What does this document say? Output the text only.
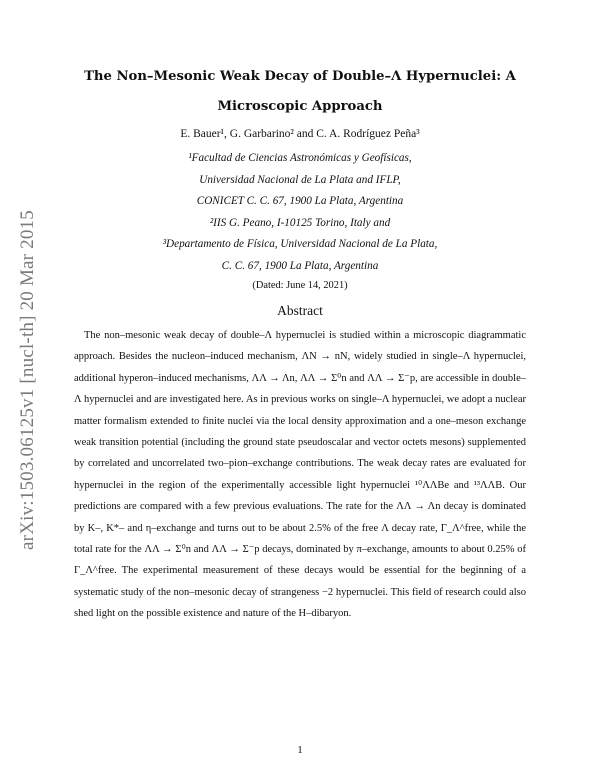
arXiv:1503.06125v1 [nucl-th] 20 Mar 2015
The Non–Mesonic Weak Decay of Double–Λ Hypernuclei: A Microscopic Approach
E. Bauer¹, G. Garbarino² and C. A. Rodríguez Peña³
¹Facultad de Ciencias Astronómicas y Geofísicas,
Universidad Nacional de La Plata and IFLP,
CONICET C. C. 67, 1900 La Plata, Argentina
²IIS G. Peano, I-10125 Torino, Italy and
³Departamento de Física, Universidad Nacional de La Plata,
C. C. 67, 1900 La Plata, Argentina
(Dated: June 14, 2021)
Abstract

The non–mesonic weak decay of double–Λ hypernuclei is studied within a microscopic diagrammatic approach. Besides the nucleon–induced mechanism, ΛN → nN, widely studied in single–Λ hypernuclei, additional hyperon–induced mechanisms, ΛΛ → Λn, ΛΛ → Σ⁰n and ΛΛ → Σ⁻p, are accessible in double–Λ hypernuclei and are investigated here. As in previous works on single–Λ hypernuclei, we adopt a nuclear matter formalism extended to finite nuclei via the local density approximation and a one–meson exchange weak transition potential (including the ground state pseudoscalar and vector octets mesons) supplemented by correlated and uncorrelated two–pion–exchange contributions. The weak decay rates are evaluated for hypernuclei in the region of the experimentally accessible light hypernuclei ¹⁰ΛΛBe and ¹³ΛΛB. Our predictions are compared with a few previous evaluations. The rate for the ΛΛ → Λn decay is dominated by K–, K*– and η–exchange and turns out to be about 2.5% of the free Λ decay rate, Γ_Λ^free, while the total rate for the ΛΛ → Σ⁰n and ΛΛ → Σ⁻p decays, dominated by π–exchange, amounts to about 0.25% of Γ_Λ^free. The experimental measurement of these decays would be essential for the beginning of a systematic study of the non–mesonic decay of strangeness −2 hypernuclei. This field of research could also shed light on the possible existence and nature of the H–dibaryon.

1
